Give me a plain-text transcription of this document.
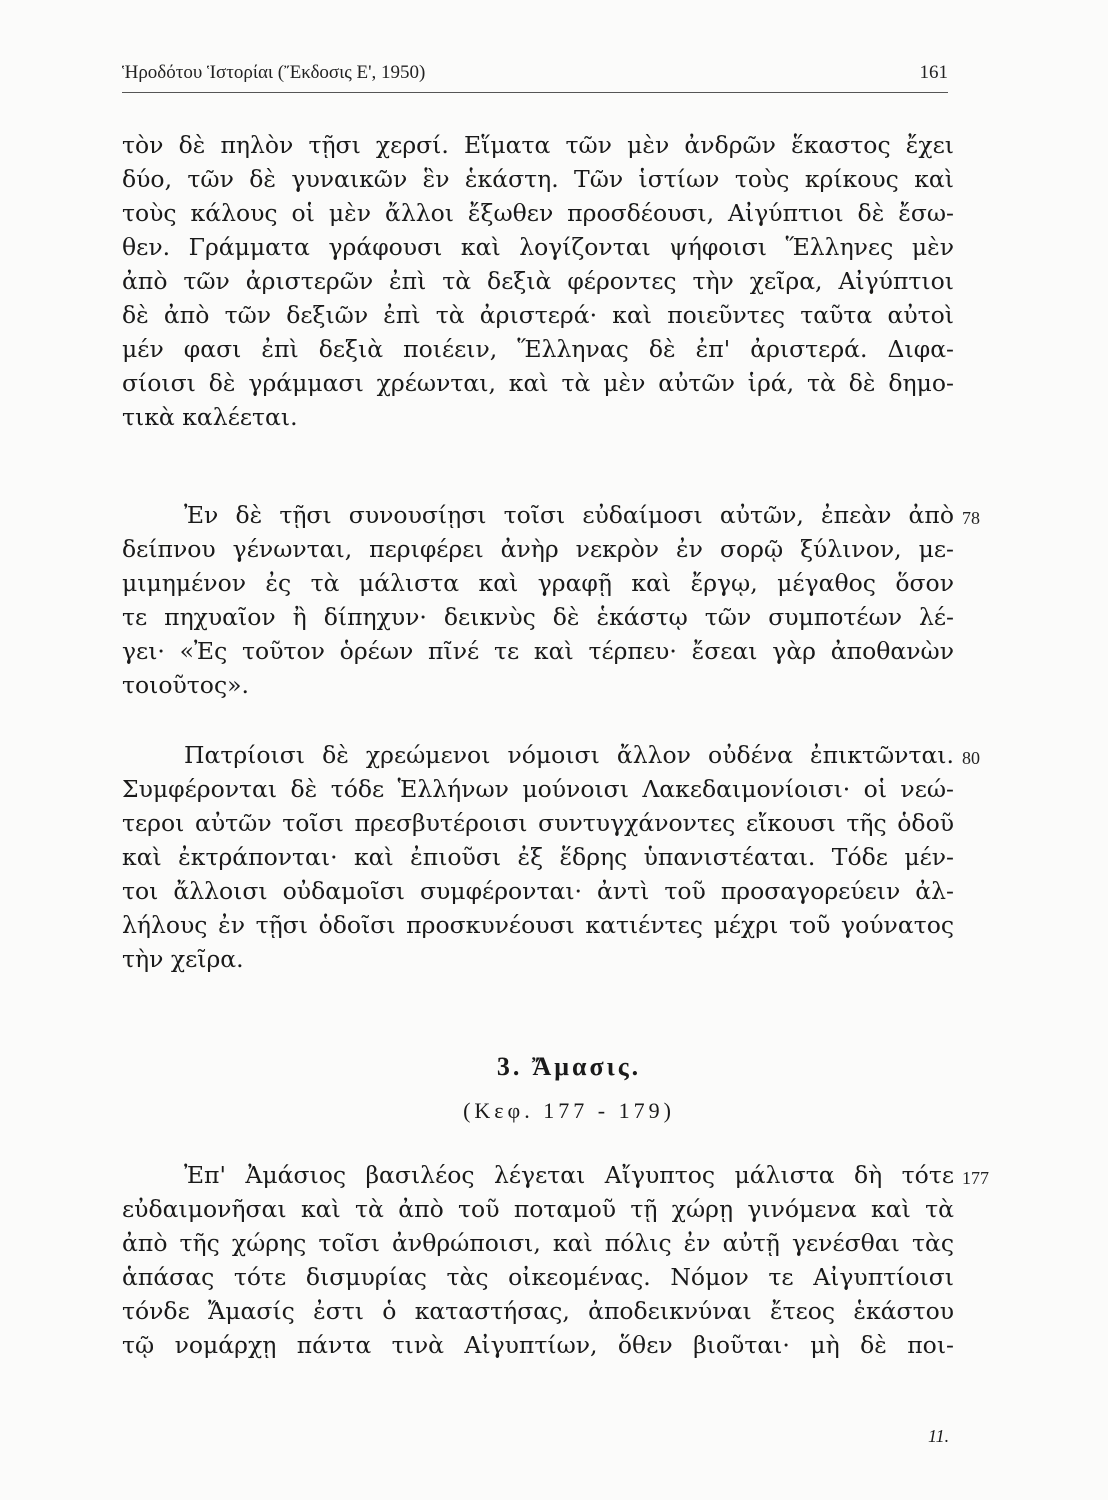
Ἡροδότου Ἱστορίαι (Ἔκδοσις Ε', 1950)	161
τὸν δὲ πηλὸν τῇσι χερσί. Εἵματα τῶν μὲν ἀνδρῶν ἕκαστος ἔχει
δύο, τῶν δὲ γυναικῶν ἓν ἑκάστη. Τῶν ἱστίων τοὺς κρίκους καὶ
τοὺς κάλους οἱ μὲν ἄλλοι ἔξωθεν προσδέουσι, Αἰγύπτιοι δὲ ἔσω-
θεν. Γράμματα γράφουσι καὶ λογίζονται ψήφοισι Ἕλληνες μὲν
ἀπὸ τῶν ἀριστερῶν ἐπὶ τὰ δεξιὰ φέροντες τὴν χεῖρα, Αἰγύπτιοι
δὲ ἀπὸ τῶν δεξιῶν ἐπὶ τὰ ἀριστερά· καὶ ποιεῦντες ταῦτα αὐτοὶ
μέν φασι ἐπὶ δεξιὰ ποιέειν, Ἕλληνας δὲ ἐπ' ἀριστερά. Διφα-
σίοισι δὲ γράμμασι χρέωνται, καὶ τὰ μὲν αὐτῶν ἱρά, τὰ δὲ δημο-
τικὰ καλέεται.
Ἐν δὲ τῇσι συνουσίῃσι τοῖσι εὐδαίμοσι αὐτῶν, ἐπεὰν ἀπὸ
δείπνου γένωνται, περιφέρει ἀνὴρ νεκρὸν ἐν σορῷ ξύλινον, με-
μιμημένον ἐς τὰ μάλιστα καὶ γραφῇ καὶ ἔργῳ, μέγαθος ὅσον
τε πηχυαῖον ἢ δίπηχυν· δεικνὺς δὲ ἑκάστῳ τῶν συμποτέων λέ-
γει· «Ἐς τοῦτον ὁρέων πῖνέ τε καὶ τέρπευ· ἔσεαι γὰρ ἀποθανὼν
τοιοῦτος».
78
Πατρίοισι δὲ χρεώμενοι νόμοισι ἄλλον οὐδένα ἐπικτῶνται.
Συμφέρονται δὲ τόδε Ἑλλήνων μούνοισι Λακεδαιμονίοισι· οἱ νεώ-
τεροι αὐτῶν τοῖσι πρεσβυτέροισι συντυγχάνοντες εἴκουσι τῆς ὁδοῦ
καὶ ἐκτράπονται· καὶ ἐπιοῦσι ἐξ ἕδρης ὑπανιστέαται. Τόδε μέν-
τοι ἄλλοισι οὐδαμοῖσι συμφέρονται· ἀντὶ τοῦ προσαγορεύειν ἀλ-
λήλους ἐν τῇσι ὁδοῖσι προσκυνέουσι κατιέντες μέχρι τοῦ γούνατος
τὴν χεῖρα.
80
3. Ἄμασις.
(Κεφ. 177 - 179)
Ἐπ' Ἀμάσιος βασιλέος λέγεται Αἴγυπτος μάλιστα δὴ τότε
εὐδαιμονῆσαι καὶ τὰ ἀπὸ τοῦ ποταμοῦ τῇ χώρῃ γινόμενα καὶ τὰ
ἀπὸ τῆς χώρης τοῖσι ἀνθρώποισι, καὶ πόλις ἐν αὐτῇ γενέσθαι τὰς
ἁπάσας τότε δισμυρίας τὰς οἰκεομένας. Νόμον τε Αἰγυπτίοισι
τόνδε Ἄμασίς ἐστι ὁ καταστήσας, ἀποδεικνύναι ἔτεος ἑκάστου
τῷ νομάρχῃ πάντα τινὰ Αἰγυπτίων, ὅθεν βιοῦται· μὴ δὲ ποι-
177
11.
